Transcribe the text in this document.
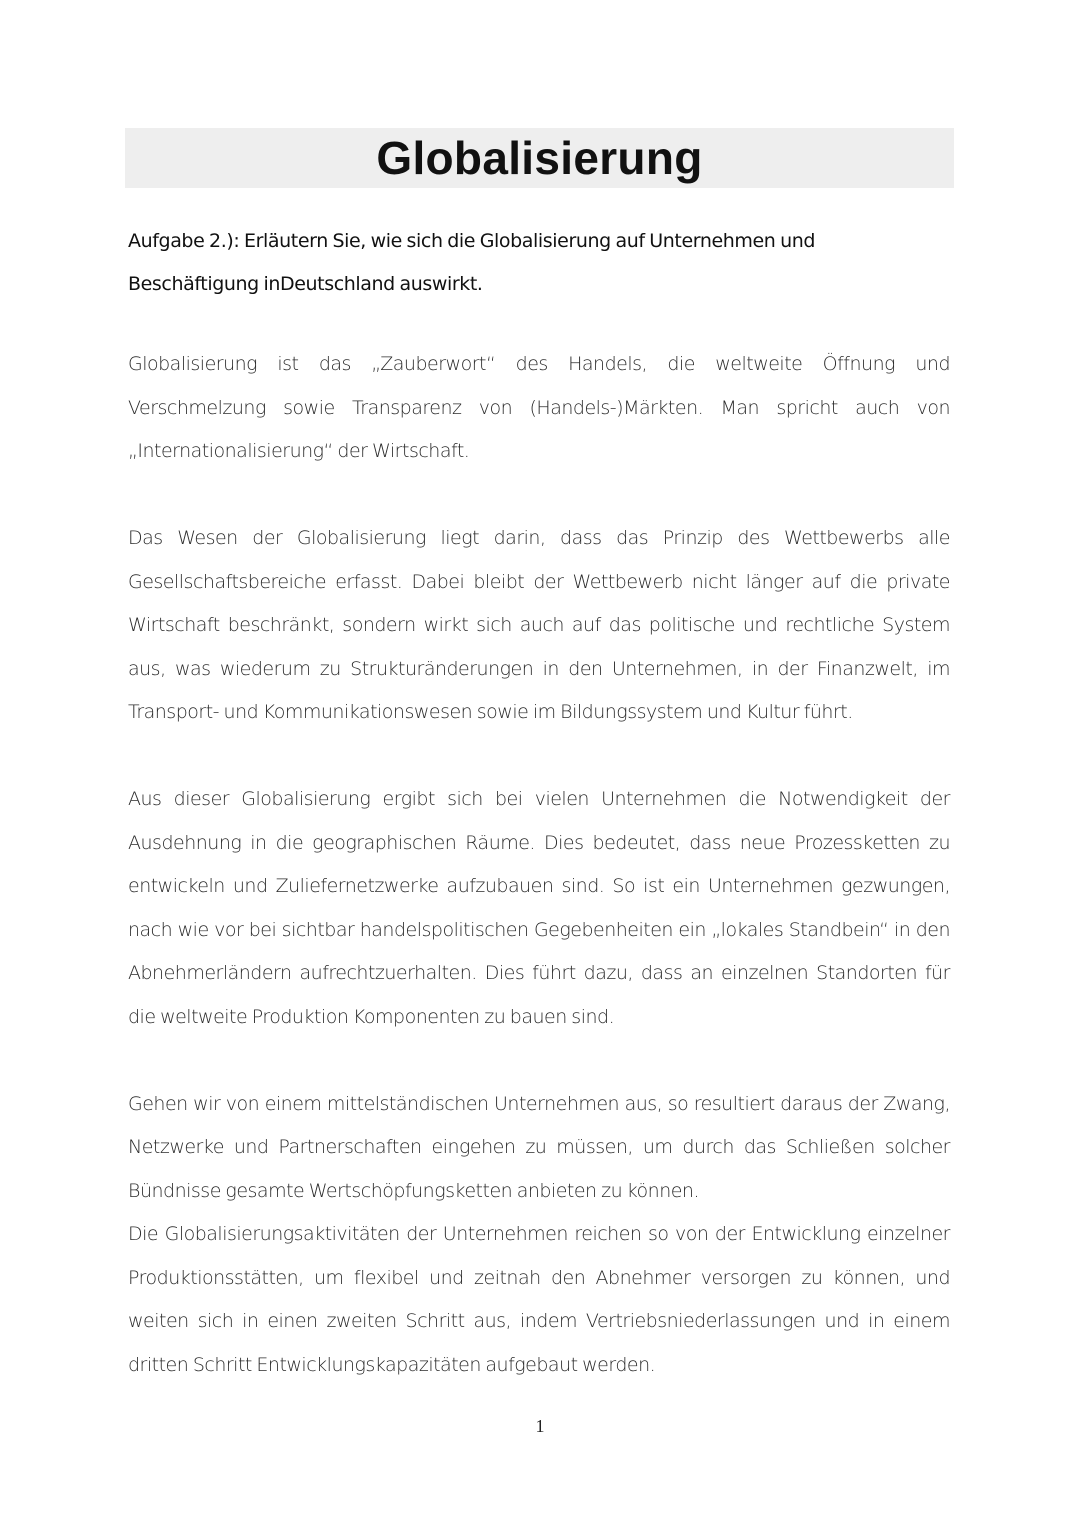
Globalisierung
Aufgabe 2.): Erläutern Sie, wie sich die Globalisierung auf Unternehmen und Beschäftigung inDeutschland auswirkt.

Globalisierung ist das „Zauberwort“ des Handels, die weltweite Öffnung und Verschmelzung sowie Transparenz von (Handels-)Märkten. Man spricht auch von „Internationalisierung“ der Wirtschaft.

Das Wesen der Globalisierung liegt darin, dass das Prinzip des Wettbewerbs alle Gesellschaftsbereiche erfasst. Dabei bleibt der Wettbewerb nicht länger auf die private Wirtschaft beschränkt, sondern wirkt sich auch auf das politische und rechtliche System aus, was wiederum zu Strukturänderungen in den Unternehmen, in der Finanzwelt, im Transport- und Kommunikationswesen sowie im Bildungssystem und Kultur führt.

Aus dieser Globalisierung ergibt sich bei vielen Unternehmen die Notwendigkeit der Ausdehnung in die geographischen Räume. Dies bedeutet, dass neue Prozessketten zu entwickeln und Zuliefernetzwerke aufzubauen sind. So ist ein Unternehmen gezwungen, nach wie vor bei sichtbar handelspolitischen Gegebenheiten ein „lokales Standbein“ in den Abnehmerländern aufrechtzuerhalten. Dies führt dazu, dass an einzelnen Standorten für die weltweite Produktion Komponenten zu bauen sind.

Gehen wir von einem mittelständischen Unternehmen aus, so resultiert daraus der Zwang, Netzwerke und Partnerschaften eingehen zu müssen, um durch das Schließen solcher Bündnisse gesamte Wertschöpfungsketten anbieten zu können.

Die Globalisierungsaktivitäten der Unternehmen reichen so von der Entwicklung einzelner Produktionsstätten, um flexibel und zeitnah den Abnehmer versorgen zu können, und weiten sich in einen zweiten Schritt aus, indem Vertriebsniederlassungen und in einem dritten Schritt Entwicklungskapazitäten aufgebaut werden.

1
